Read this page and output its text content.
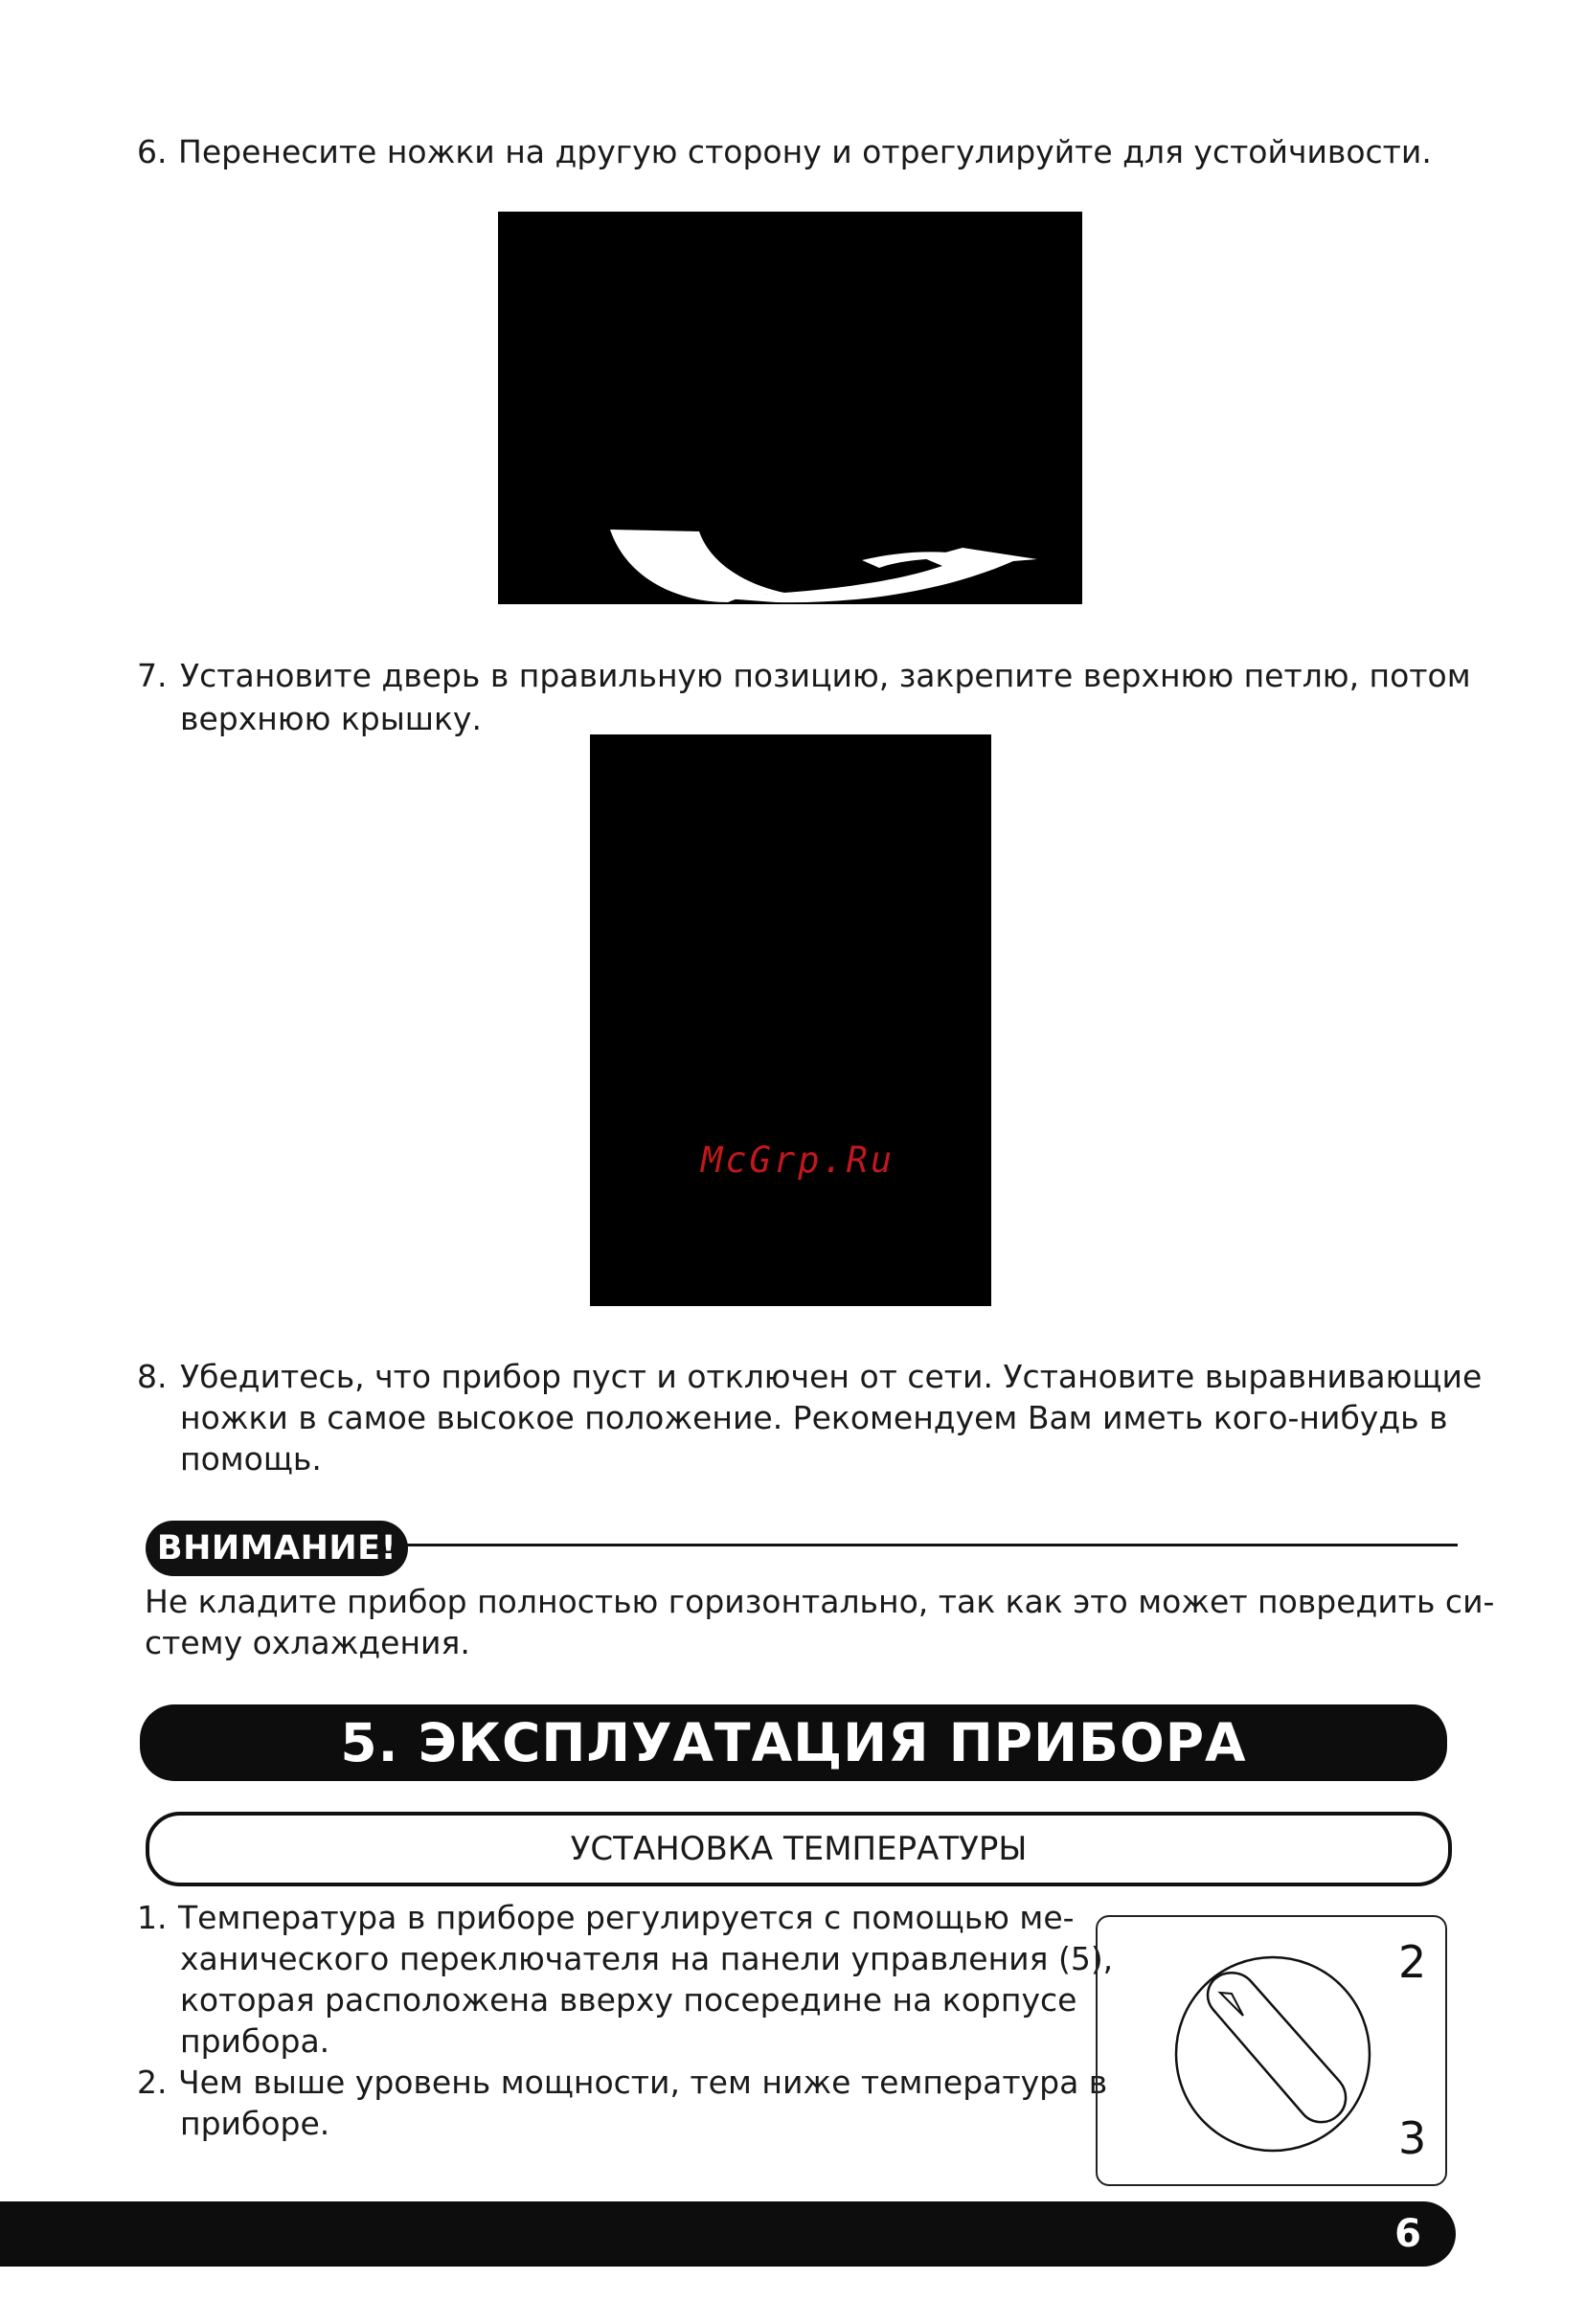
6. Перенесите ножки на другую сторону и отрегулируйте для устойчивости.
7. Установите дверь в правильную позицию, закрепите верхнюю петлю, потом
верхнюю крышку.
McGrp.Ru
8. Убедитесь, что прибор пуст и отключен от сети. Установите выравнивающие
ножки в самое высокое положение. Рекомендуем Вам иметь кого-нибудь в
помощь.
ВНИМАНИЕ!
Не кладите прибор полностью горизонтально, так как это может повредить си-
стему охлаждения.
5. ЭКСПЛУАТАЦИЯ ПРИБОРА
УСТАНОВКА ТЕМПЕРАТУРЫ
1. Температура в приборе регулируется с помощью ме-
ханического переключателя на панели управления (5),
которая расположена вверху посередине на корпусе
прибора.
2. Чем выше уровень мощности, тем ниже температура в
приборе.
2
3
6
